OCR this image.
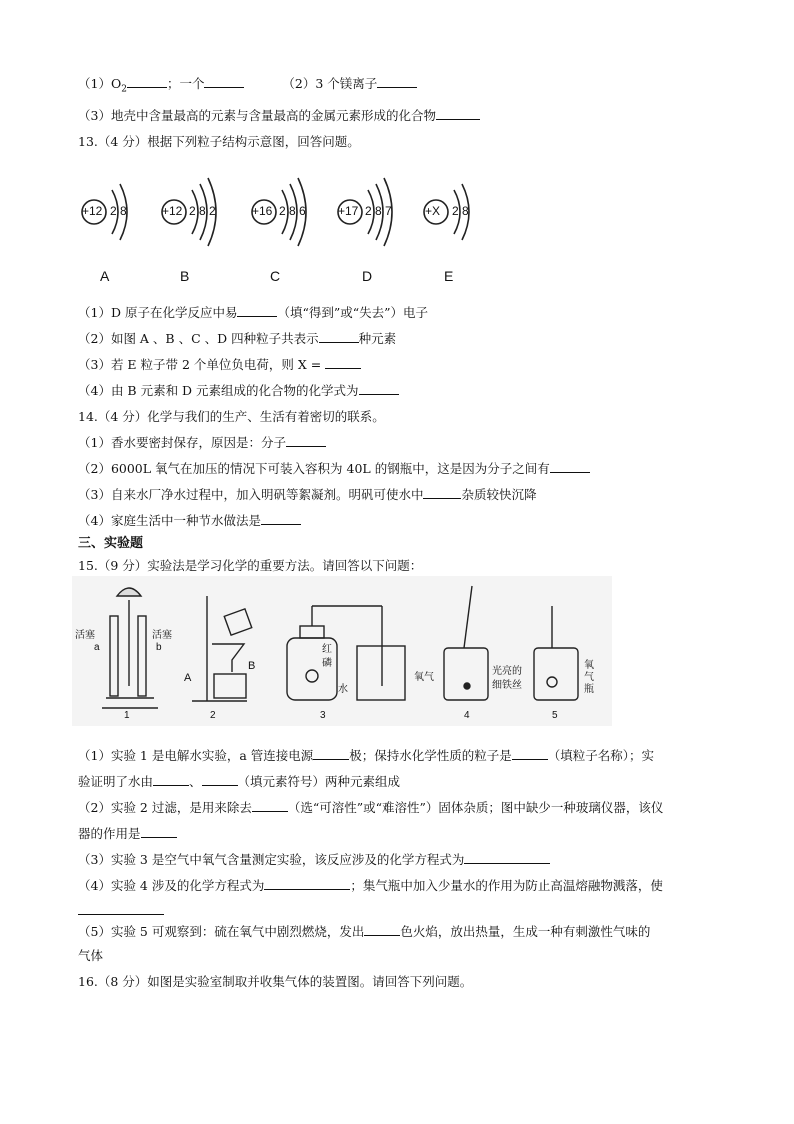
$(1)O_2$	；一个	（2）3 个镁离子
（3）地壳中含量最高的元素与含量最高的金属元素形成的化合物
13.（4 分）根据下列粒子结构示意图，回答问题。
+12 2 8	+12 2 8 2	+16 2 8 6	+17 2 8 7	+X 2 8
A	B	C	D	E
（1）D 原子在化学反应中易	（填“得到”或“失去”）电子
（2）如图 A 、B 、C 、D 四种粒子共表示	种元素
（3）若 E 粒子带 2 个单位负电荷，则 X =
（4）由 B 元素和 D 元素组成的化合物的化学式为
14.（4 分）化学与我们的生产、生活有着密切的联系。
（1）香水要密封保存，原因是：分子
（2）6000L 氧气在加压的情况下可装入容积为 40L 的钢瓶中，这是因为分子之间有
（3）自来水厂净水过程中，加入明矾等絮凝剂。明矾可使水中	杂质较快沉降
（4）家庭生活中一种节水做法是
三、实验题
15.（9 分）实验法是学习化学的重要方法。请回答以下问题：
活塞	活塞
a	b
B
A
红
磷
水
氧气
光亮的
细铁丝
氧
气
瓶
1	2	3	4	5
（1）实验 1 是电解水实验，a 管连接电源	极；保持水化学性质的粒子是	（填粒子名称）；实
验证明了水由	、	（填元素符号）两种元素组成
（2）实验 2 过滤，是用来除去	（选“可溶性”或“难溶性”）固体杂质；图中缺少一种玻璃仪器，该仪
器的作用是
（3）实验 3 是空气中氧气含量测定实验，该反应涉及的化学方程式为
（4）实验 4 涉及的化学方程式为	；集气瓶中加入少量水的作用为防止高温熔融物溅落，使
（5）实验 5 可观察到：硫在氧气中剧烈燃烧，发出	色火焰，放出热量，生成一种有刺激性气味的
气体
16.（8 分）如图是实验室制取并收集气体的装置图。请回答下列问题。
